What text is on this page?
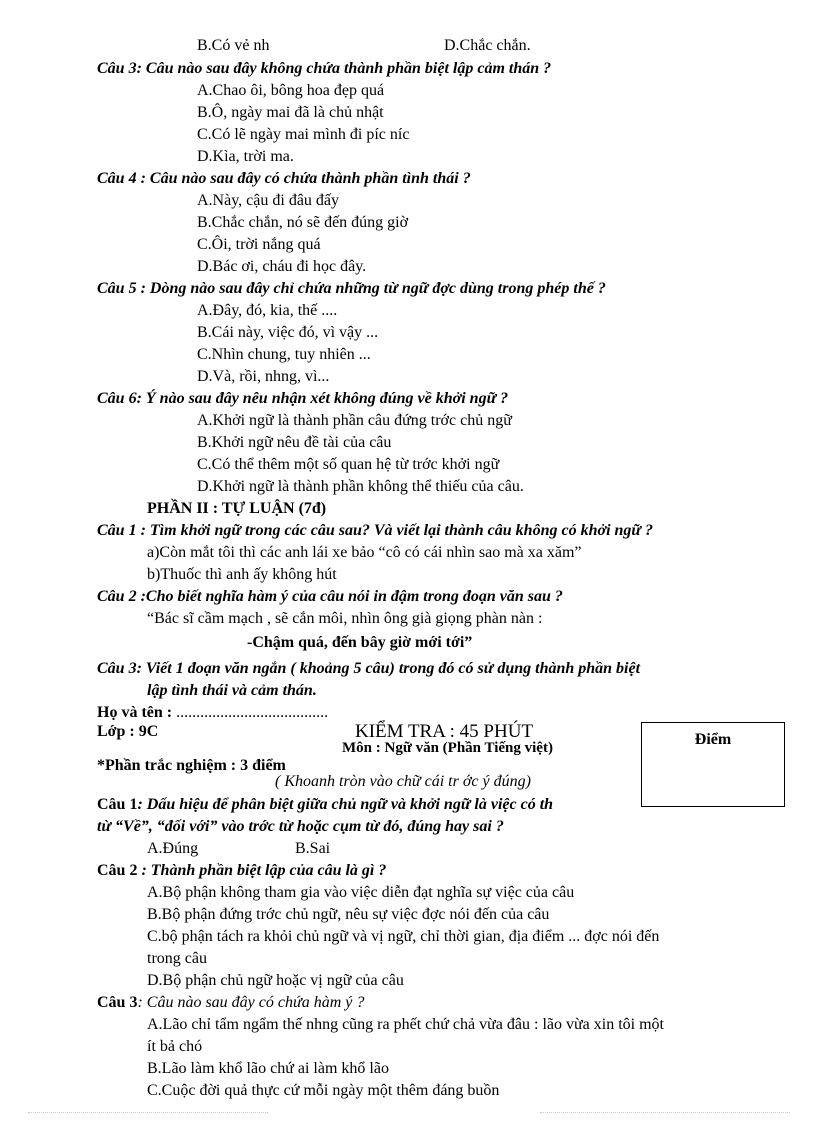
B.Có vẻ nh	D.Chắc chắn.
Câu 3: Câu nào sau đây không chứa thành phần biệt lập cảm thán ?
A.Chao ôi, bông hoa đẹp quá
B.Ô, ngày mai đã là chủ nhật
C.Có lẽ ngày mai mình đi píc níc
D.Kìa, trời ma.
Câu 4 : Câu nào sau đây có chứa thành phần tình thái ?
A.Này, cậu đi đâu đấy
B.Chắc chắn, nó sẽ đến đúng giờ
C.Ôi, trời nắng quá
D.Bác ơi, cháu đi học đây.
Câu 5 : Dòng nào sau đây chỉ chứa những từ ngữ đợc dùng trong phép thế ?
A.Đây, đó, kia, thế ....
B.Cái này, việc đó, vì vậy ...
C.Nhìn chung, tuy nhiên ...
D.Và, rồi, nhng, vì...
Câu 6: Ý nào sau đây nêu nhận xét không đúng về khởi ngữ ?
A.Khởi ngữ là thành phần câu đứng trớc chủ ngữ
B.Khởi ngữ nêu đề tài của câu
C.Có thể thêm một số quan hệ từ trớc khởi ngữ
D.Khởi ngữ là thành phần không thể thiếu của câu.
PHẦN II : TỰ LUẬN (7đ)
Câu 1 : Tìm khởi ngữ trong các câu sau? Và viết lại thành câu không có khởi ngữ ?
a)Còn mắt tôi thì các anh lái xe bảo “cô có cái nhìn sao mà xa xăm”
b)Thuốc thì anh ấy không hút
Câu 2 :Cho biết nghĩa hàm ý của câu nói in đậm trong đoạn văn sau ?
“Bác sĩ cầm mạch , sẽ cắn môi, nhìn ông già giọng phàn nàn :
-Chậm quá, đến bây giờ mới tới”
Câu 3: Viết 1 đoạn văn ngắn ( khoảng 5 câu) trong đó có sử dụng thành phần biệt
lập tình thái và cảm thán.
Họ và tên : ......................................
Lớp : 9C	KIỂM TRA : 45 PHÚT
Môn : Ngữ văn (Phần Tiếng việt)
*Phần trắc nghiệm : 3 điểm
( Khoanh tròn vào chữ cái tr ớc ý đúng)
Câu 1: Dấu hiệu để phân biệt giữa chủ ngữ và khởi ngữ là việc có th
từ “Về”, “đối với” vào trớc từ hoặc cụm từ đó, đúng hay sai ?
A.Đúng	B.Sai
Câu 2 : Thành phần biệt lập của câu là gì ?
A.Bộ phận không tham gia vào việc diễn đạt nghĩa sự việc của câu
B.Bộ phận đứng trớc chủ ngữ, nêu sự việc đợc nói đến của câu
C.bộ phận tách ra khỏi chủ ngữ và vị ngữ, chỉ thời gian, địa điểm ... đợc nói đến
trong câu
D.Bộ phận chủ ngữ hoặc vị ngữ của câu
Câu 3: Câu nào sau đây có chứa hàm ý ?
A.Lão chỉ tẩm ngẩm thế nhng cũng ra phết chứ chả vừa đâu : lão vừa xin tôi một
ít bả chó
B.Lão làm khổ lão chứ ai làm khổ lão
C.Cuộc đời quả thực cứ mỗi ngày một thêm đáng buồn
Điểm
